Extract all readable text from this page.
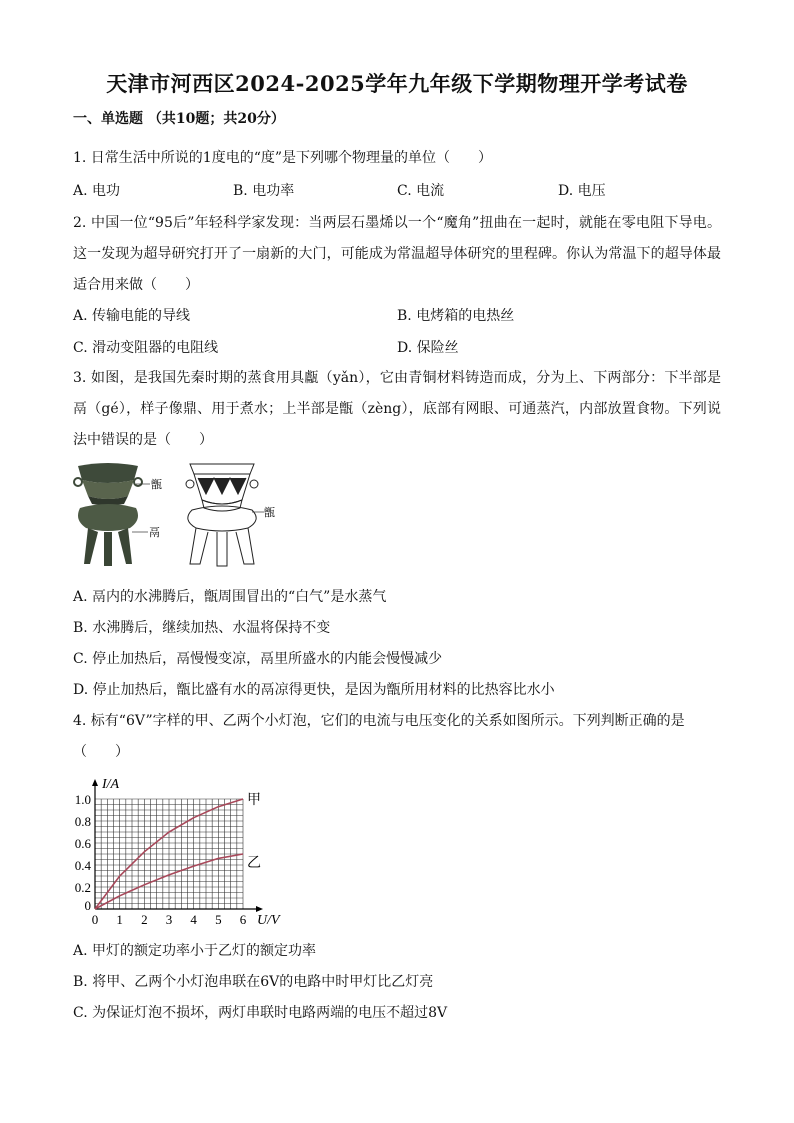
天津市河西区2024-2025学年九年级下学期物理开学考试卷
一、单选题 （共10题；共20分）
1. 日常生活中所说的1度电的“度”是下列哪个物理量的单位（　　）
A. 电功	B. 电功率	C. 电流	D. 电压
2. 中国一位“95后”年轻科学家发现：当两层石墨烯以一个“魔角”扭曲在一起时，就能在零电阻下导电。这一发现为超导研究打开了一扇新的大门，可能成为常温超导体研究的里程碑。你认为常温下的超导体最适合用来做（　　）
A. 传输电能的导线	B. 电烤箱的电热丝
C. 滑动变阻器的电阻线	D. 保险丝
3. 如图，是我国先秦时期的蒸食用具甗（yǎn），它由青铜材料铸造而成，分为上、下两部分：下半部是鬲（gé），样子像鼎、用于煮水；上半部是甑（zèng），底部有网眼、可通蒸汽，内部放置食物。下列说法中错误的是（　　）
甑
鬲
甑
A. 鬲内的水沸腾后，甑周围冒出的“白气”是水蒸气
B. 水沸腾后，继续加热、水温将保持不变
C. 停止加热后，鬲慢慢变凉，鬲里所盛水的内能会慢慢减少
D. 停止加热后，甑比盛有水的鬲凉得更快，是因为甑所用材料的比热容比水小
4. 标有“6V”字样的甲、乙两个小灯泡，它们的电流与电压变化的关系如图所示。下列判断正确的是
（　　）
0 1 2 3 4 5 6
0.2
0.4
0.6
0.8
1.0
0
I/A
U/V
甲
乙
A. 甲灯的额定功率小于乙灯的额定功率
B. 将甲、乙两个小灯泡串联在6V的电路中时甲灯比乙灯亮
C. 为保证灯泡不损坏，两灯串联时电路两端的电压不超过8V
